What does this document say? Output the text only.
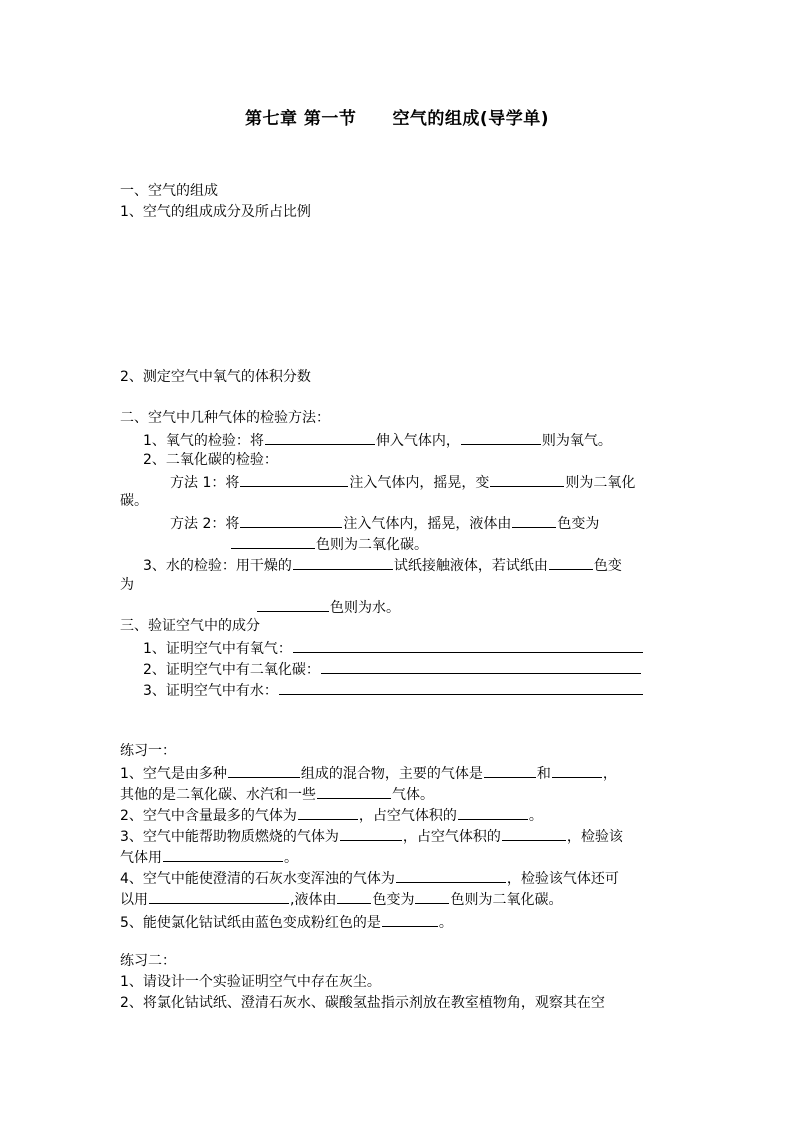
第七章 第一节 空气的组成(导学单)
一、空气的组成
1、空气的组成成分及所占比例
2、测定空气中氧气的体积分数
二、空气中几种气体的检验方法：
1、氧气的检验：将	伸入气体内，	则为氧气。
2、二氧化碳的检验：
方法 1：将	注入气体内，摇晃，变	则为二氧化
碳。
方法 2：将	注入气体内，摇晃，液体由	色变为
色则为二氧化碳。
3、水的检验：用干燥的	试纸接触液体，若试纸由	色变
为
色则为水。
三、验证空气中的成分
1、证明空气中有氧气：
2、证明空气中有二氧化碳：
3、证明空气中有水：
练习一：
1、空气是由多种	组成的混合物，主要的气体是	和	，
其他的是二氧化碳、水汽和一些	气体。
2、空气中含量最多的气体为	，占空气体积的	。
3、空气中能帮助物质燃烧的气体为	，占空气体积的	，检验该
气体用	。
4、空气中能使澄清的石灰水变浑浊的气体为	，检验该气体还可
以用	,液体由	色变为	色则为二氧化碳。
5、能使氯化钴试纸由蓝色变成粉红色的是	。
练习二：
1、请设计一个实验证明空气中存在灰尘。
2、将氯化钴试纸、澄清石灰水、碳酸氢盐指示剂放在教室植物角，观察其在空
